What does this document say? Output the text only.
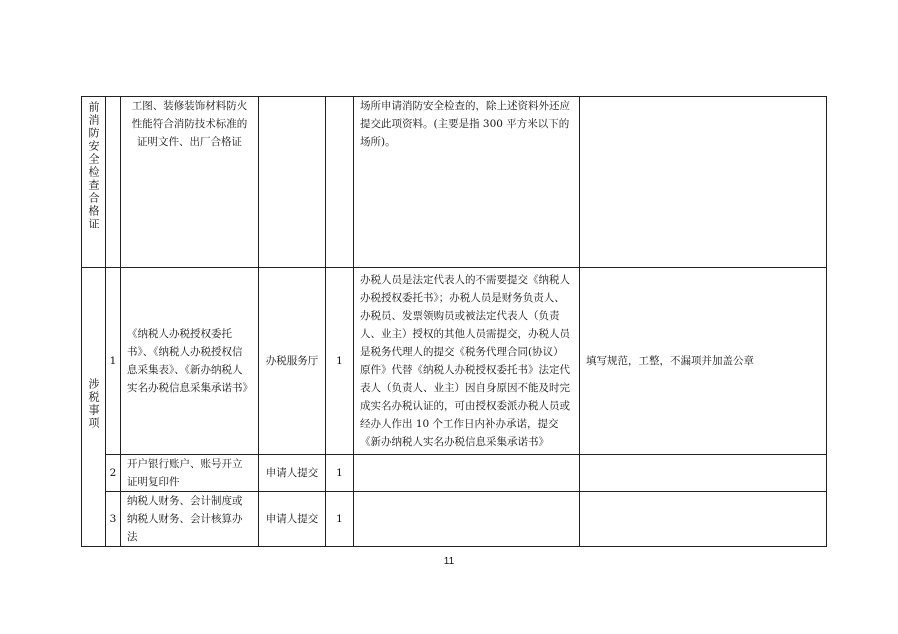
前消防安全检查合格证		工图、装修装饰材料防火性能符合消防技术标准的证明文件、出厂合格证			场所申请消防安全检查的，除上述资料外还应提交此项资料。(主要是指 300 平方米以下的场所)。	
涉税事项	1	《纳税人办税授权委托书》、《纳税人办税授权信息采集表》、《新办纳税人实名办税信息采集承诺书》	办税服务厅	1	办税人员是法定代表人的不需要提交《纳税人办税授权委托书》；办税人员是财务负责人、办税员、发票领购员或被法定代表人（负责人、业主）授权的其他人员需提交，办税人员是税务代理人的提交《税务代理合同(协议）原件》代替《纳税人办税授权委托书》法定代表人（负责人、业主）因自身原因不能及时完成实名办税认证的，可由授权委派办税人员或经办人作出 10 个工作日内补办承诺，提交《新办纳税人实名办税信息采集承诺书》	填写规范，工整，不漏项并加盖公章
	2	开户银行账户、账号开立证明复印件	申请人提交	1		
	3	纳税人财务、会计制度或纳税人财务、会计核算办法	申请人提交	1		
11
